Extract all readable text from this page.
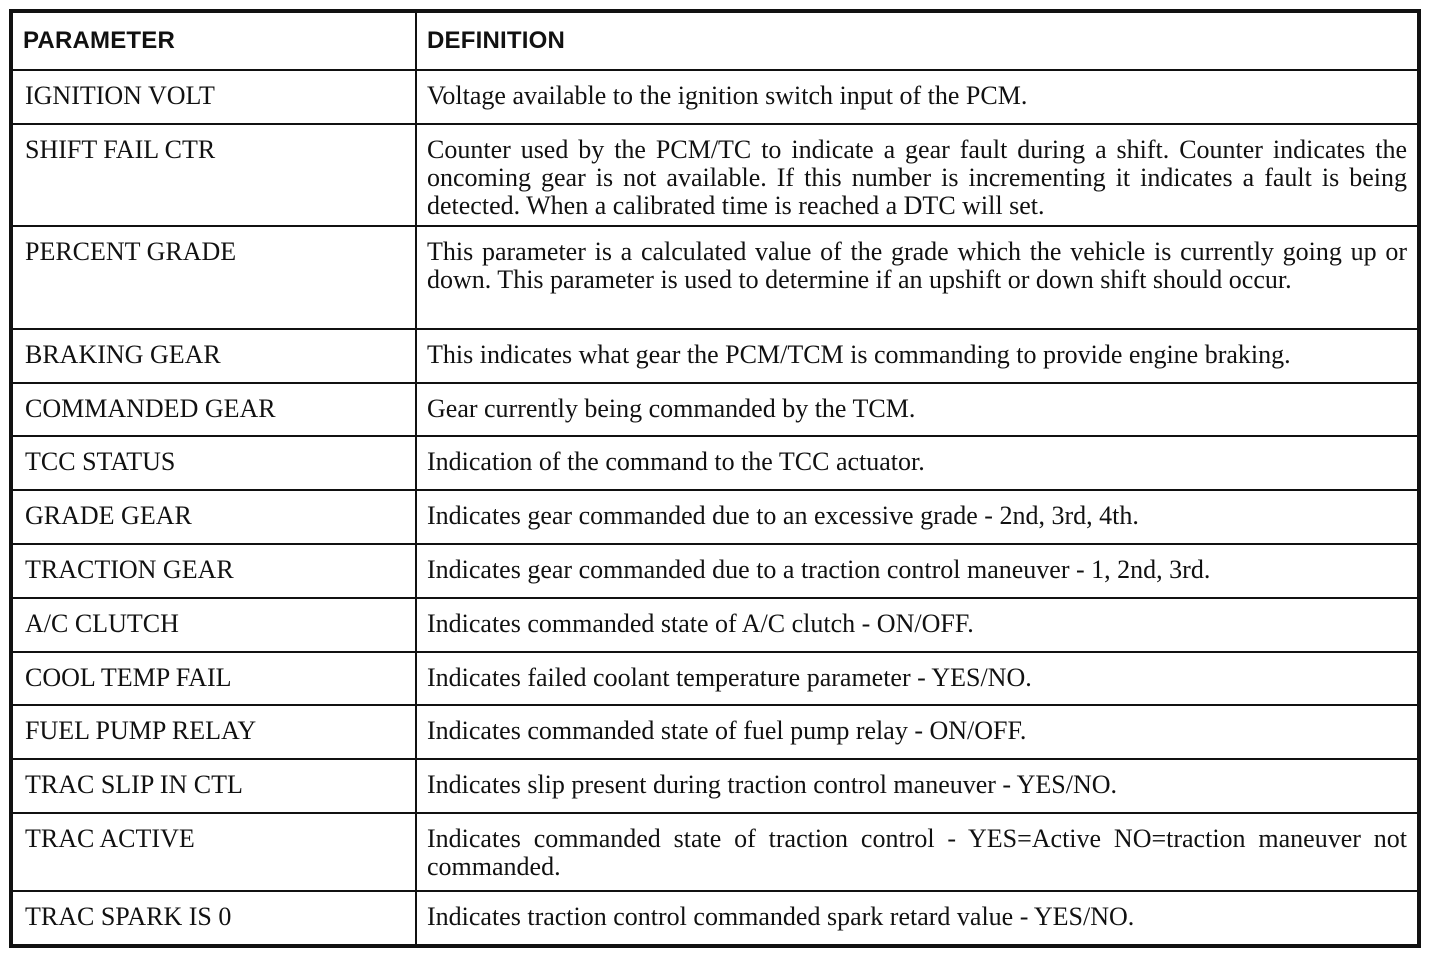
PARAMETER	DEFINITION
IGNITION VOLT	Voltage available to the ignition switch input of the PCM.
SHIFT FAIL CTR	Counter used by the PCM/TC to indicate a gear fault during a shift. Counter indicates the oncoming gear is not available. If this number is incrementing it indicates a fault is being detected. When a calibrated time is reached a DTC will set.
PERCENT GRADE	This parameter is a calculated value of the grade which the vehicle is currently going up or down. This parameter is used to determine if an upshift or down shift should occur.
BRAKING GEAR	This indicates what gear the PCM/TCM is commanding to provide engine braking.
COMMANDED GEAR	Gear currently being commanded by the TCM.
TCC STATUS	Indication of the command to the TCC actuator.
GRADE GEAR	Indicates gear commanded due to an excessive grade - 2nd, 3rd, 4th.
TRACTION GEAR	Indicates gear commanded due to a traction control maneuver - 1, 2nd, 3rd.
A/C CLUTCH	Indicates commanded state of A/C clutch - ON/OFF.
COOL TEMP FAIL	Indicates failed coolant temperature parameter - YES/NO.
FUEL PUMP RELAY	Indicates commanded state of fuel pump relay - ON/OFF.
TRAC SLIP IN CTL	Indicates slip present during traction control maneuver - YES/NO.
TRAC ACTIVE	Indicates commanded state of traction control - YES=Active NO=traction maneuver not commanded.
TRAC SPARK IS 0	Indicates traction control commanded spark retard value - YES/NO.
